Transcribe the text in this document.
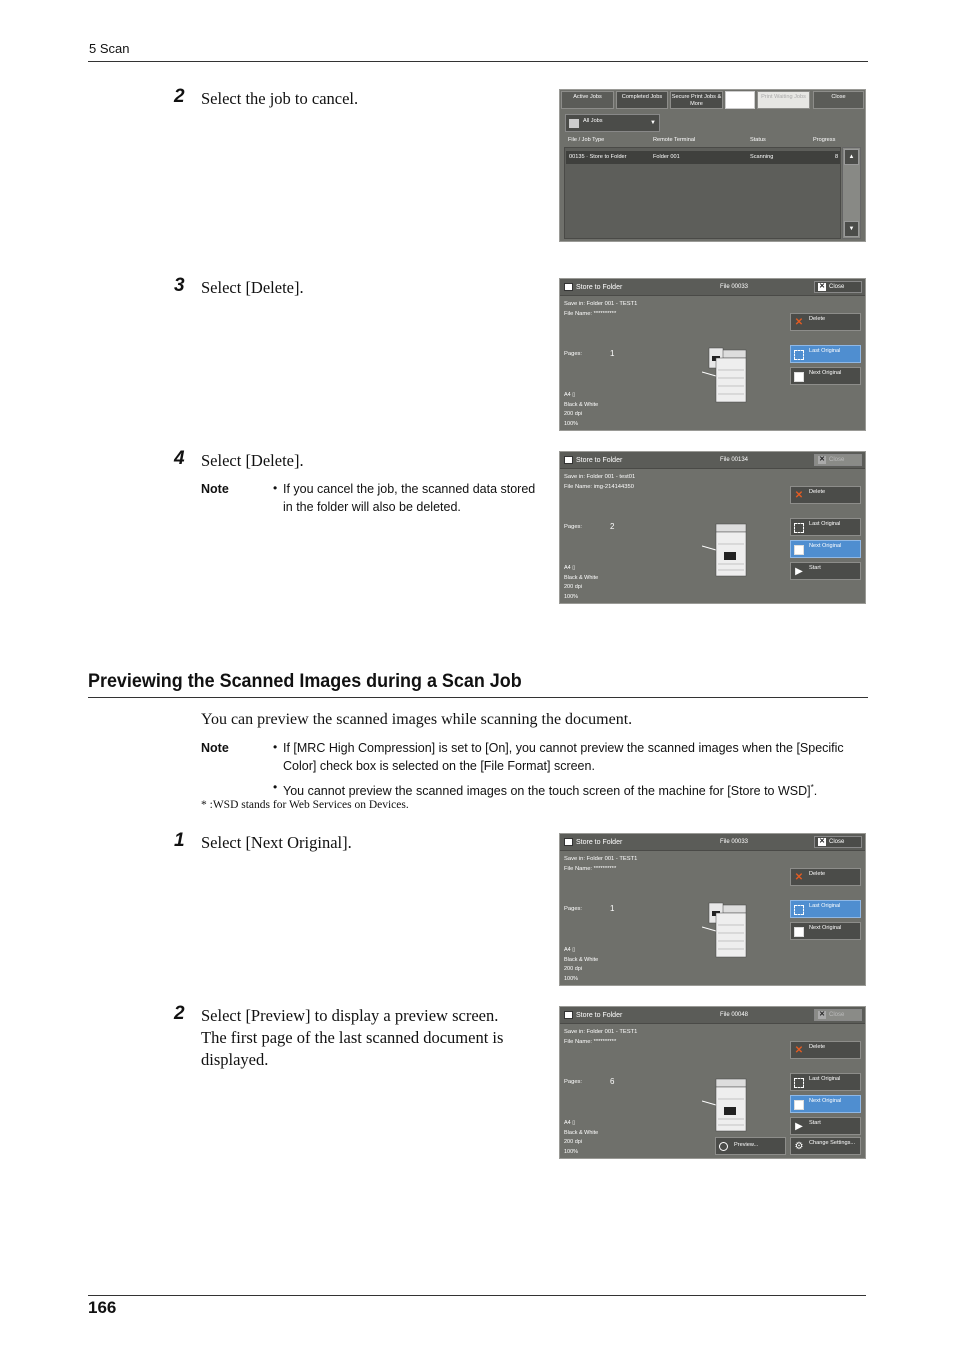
5 Scan
2 Select the job to cancel.	Active Jobs	Completed Jobs	Secure Print Jobs & More
Print Waiting Jobs	Close
All Jobs	▼
File / Job Type	Remote Terminal	Status	Progress
00135 · Store to Folder	Folder 001	Scanning	8	▲
▼
3 Select [Delete].	Store to Folder	File 00033	✕ Close
Save in: Folder 001 - TEST1
File Name: **********
Pages:	1
A4 ▯
Black & White
200 dpi
100%
✕ Delete
Last Original
Next Original
4 Select [Delete].
Note	• If you cancel the job, the scanned data stored
in the folder will also be deleted.
Store to Folder	File 00134	✕ Close
Save in: Folder 001 - test01
File Name: img-214144350
Pages:	2
A4 ▯
Black & White
200 dpi
100%
✕ Delete
Last Original
Next Original
▶ Start
Previewing the Scanned Images during a Scan Job
You can preview the scanned images while scanning the document.
Note	• If [MRC High Compression] is set to [On], you cannot preview the scanned images when the [Specific
Color] check box is selected on the [File Format] screen.
• You cannot preview the scanned images on the touch screen of the machine for [Store to WSD]*.
* :WSD stands for Web Services on Devices.
1 Select [Next Original].	Store to Folder	File 00033	✕ Close
Save in: Folder 001 - TEST1
File Name: **********
Pages:	1
A4 ▯
Black & White
200 dpi
100%
✕ Delete
Last Original
Next Original
2 Select [Preview] to display a preview screen.
The first page of the last scanned document is
displayed.
Store to Folder	File 00048	✕ Close
Save in: Folder 001 - TEST1
File Name: **********
Pages:	6
A4 ▯
Black & White
200 dpi
100%
✕ Delete
Last Original
Next Original
▶ Start
Preview...	⚙ Change Settings...
166
